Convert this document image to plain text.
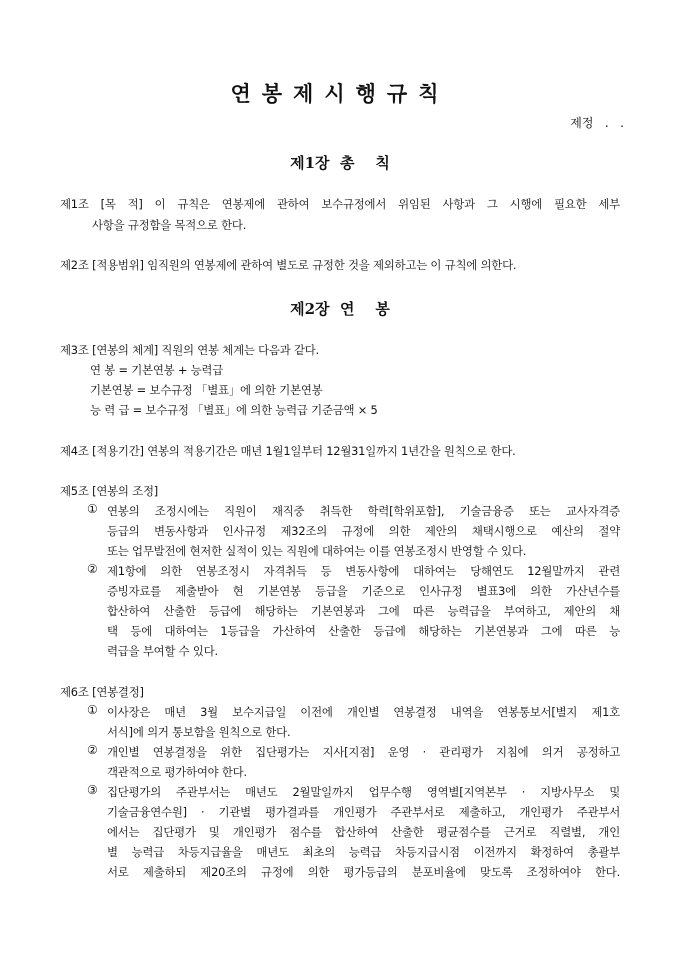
연봉제시행규칙
제정   .   .
제1장  총    칙
제1조 [목 적] 이 규칙은 연봉제에 관하여 보수규정에서 위임된 사항과 그 시행에 필요한 세부
사항을 규정함을 목적으로 한다.
제2조 [적용범위] 임직원의 연봉제에 관하여 별도로 규정한 것을 제외하고는 이 규칙에 의한다.
제2장  연    봉
제3조 [연봉의 체계] 직원의 연봉 체계는 다음과 같다.
연 봉 = 기본연봉 + 능력급
기본연봉 = 보수규정 「별표」에 의한 기본연봉
능 력 급 = 보수규정 「별표」에 의한 능력급 기준금액 × 5
제4조 [적용기간] 연봉의 적용기간은 매년 1월1일부터 12월31일까지 1년간을 원칙으로 한다.
제5조 [연봉의 조정]
① 연봉의 조정시에는 직원이 재직중 취득한 학력[학위포함], 기술금융증 또는 교사자격증
등급의 변동사항과 인사규정 제32조의 규정에 의한 제안의 채택시행으로 예산의 절약
또는 업무발전에 현저한 실적이 있는 직원에 대하여는 이를 연봉조정시 반영할 수 있다.
② 제1항에 의한 연봉조정시 자격취득 등 변동사항에 대하여는 당해연도 12월말까지 관련
증빙자료를 제출받아 현 기본연봉 등급을 기준으로 인사규정 별표3에 의한 가산년수를
합산하여 산출한 등급에 해당하는 기본연봉과 그에 따른 능력급을 부여하고, 제안의 채
택 등에 대하여는 1등급을 가산하여 산출한 등급에 해당하는 기본연봉과 그에 따른 능
력급을 부여할 수 있다.
제6조 [연봉결정]
① 이사장은 매년 3월 보수지급일 이전에 개인별 연봉결정 내역을 연봉통보서[별지 제1호
서식]에 의거 통보함을 원칙으로 한다.
② 개인별 연봉결정을 위한 집단평가는 지사[지점] 운영 · 관리평가 지침에 의거 공정하고
객관적으로 평가하여야 한다.
③ 집단평가의 주관부서는 매년도 2월말일까지 업무수행 영역별[지역본부 · 지방사무소 및
기술금융연수원] · 기관별 평가결과를 개인평가 주관부서로 제출하고, 개인평가 주관부서
에서는 집단평가 및 개인평가 점수를 합산하여 산출한 평균점수를 근거로 직렬별, 개인
별 능력급 차등지급율을 매년도 최초의 능력급 차등지급시점 이전까지 확정하여 총괄부
서로 제출하되 제20조의 규정에 의한 평가등급의 분포비율에 맞도록 조정하여야 한다.
